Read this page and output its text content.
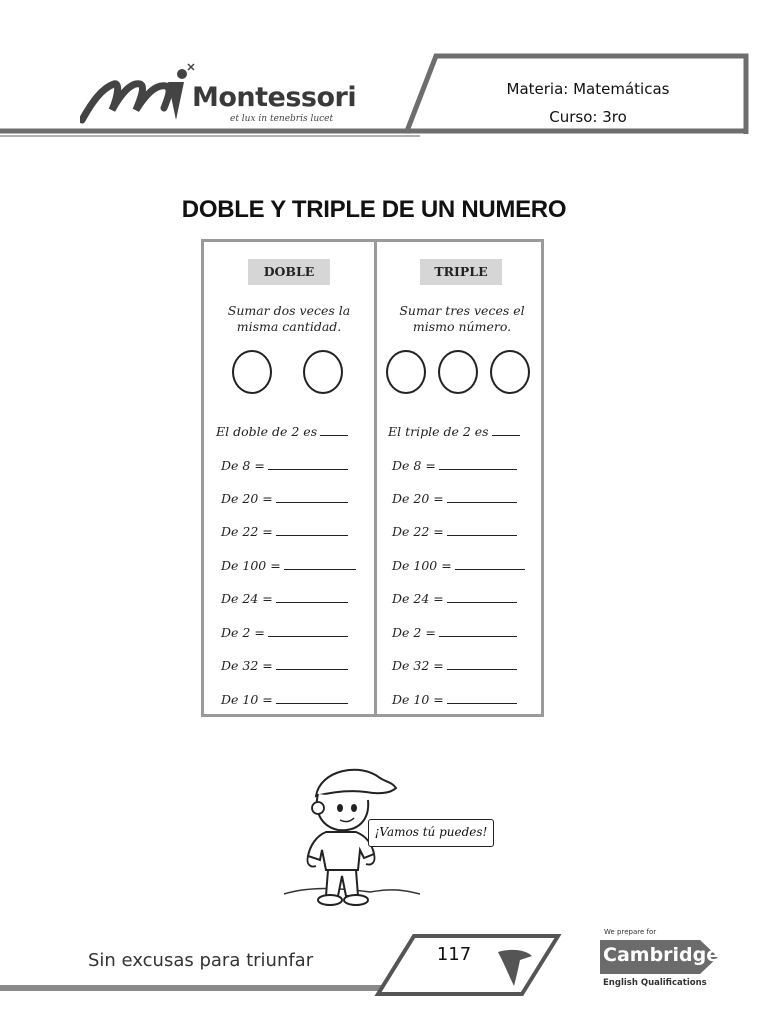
Montessori
et lux in tenebris lucet
Materia: Matemáticas
Curso: 3ro
DOBLE Y TRIPLE DE UN NUMERO
DOBLE
Sumar dos veces la
misma cantidad.
El doble de 2 es
De 8 =
De 20 =
De 22 =
De 100 =
De 24 =
De 2 =
De 32 =
De 10 =
TRIPLE
Sumar tres veces el
mismo número.
El triple de 2 es
De 8 =
De 20 =
De 22 =
De 100 =
De 24 =
De 2 =
De 32 =
De 10 =
¡Vamos tú puedes!
Sin excusas para triunfar	117
We prepare for
Cambridge
English Qualifications
